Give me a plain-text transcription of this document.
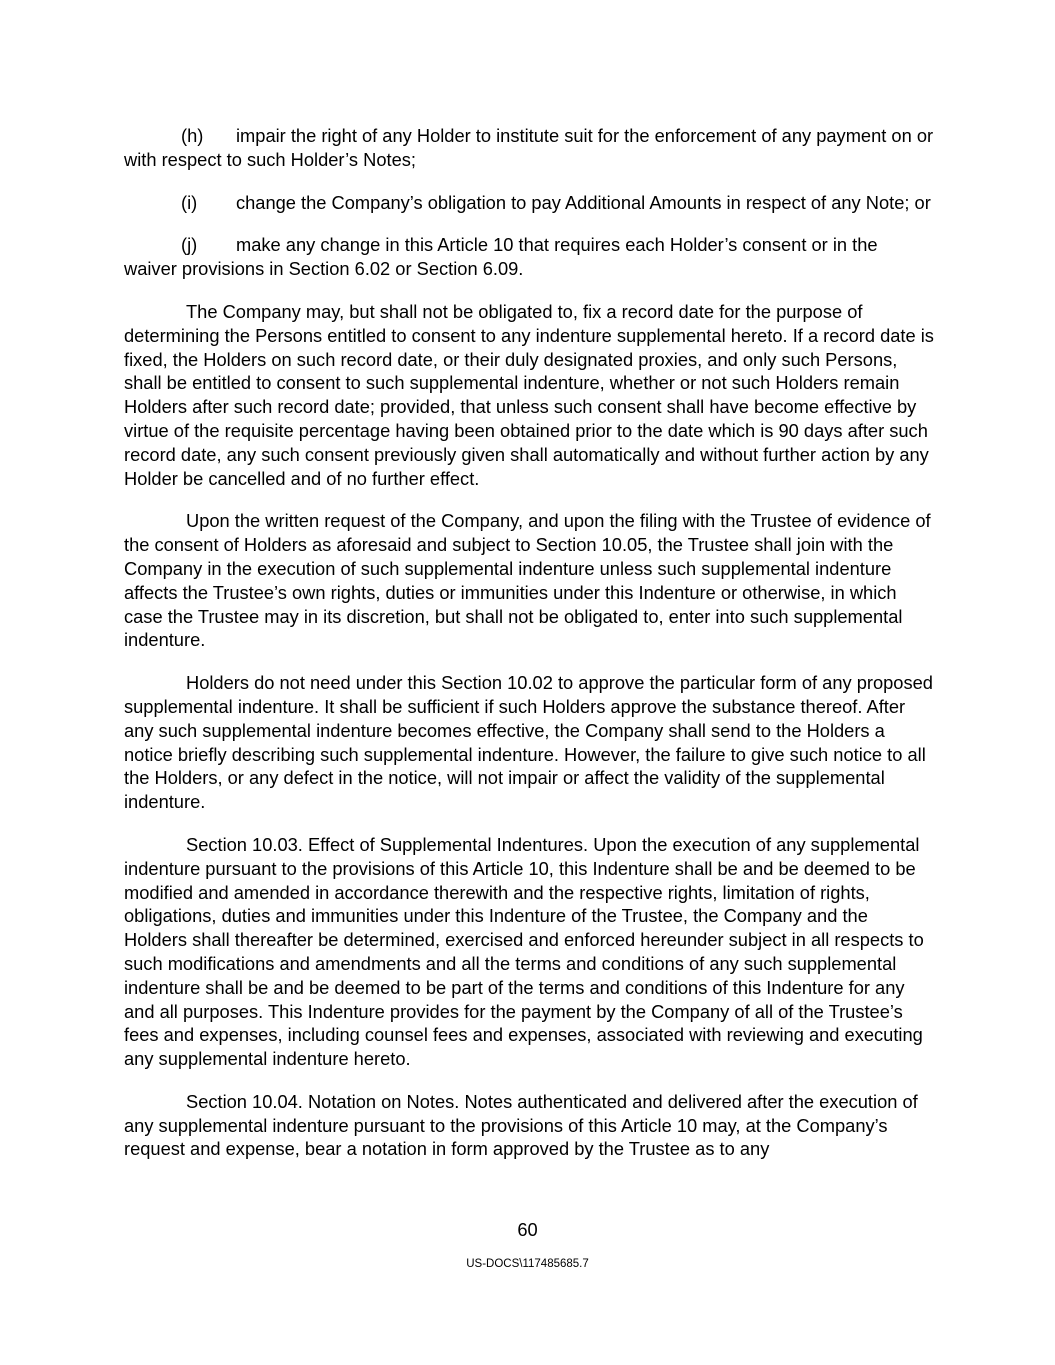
(h) impair the right of any Holder to institute suit for the enforcement of any payment on or with respect to such Holder’s Notes;

(i) change the Company’s obligation to pay Additional Amounts in respect of any Note; or

(j) make any change in this Article 10 that requires each Holder’s consent or in the waiver provisions in Section 6.02 or Section 6.09.

The Company may, but shall not be obligated to, fix a record date for the purpose of determining the Persons entitled to consent to any indenture supplemental hereto. If a record date is fixed, the Holders on such record date, or their duly designated proxies, and only such Persons, shall be entitled to consent to such supplemental indenture, whether or not such Holders remain Holders after such record date; provided, that unless such consent shall have become effective by virtue of the requisite percentage having been obtained prior to the date which is 90 days after such record date, any such consent previously given shall automatically and without further action by any Holder be cancelled and of no further effect.

Upon the written request of the Company, and upon the filing with the Trustee of evidence of the consent of Holders as aforesaid and subject to Section 10.05, the Trustee shall join with the Company in the execution of such supplemental indenture unless such supplemental indenture affects the Trustee’s own rights, duties or immunities under this Indenture or otherwise, in which case the Trustee may in its discretion, but shall not be obligated to, enter into such supplemental indenture.

Holders do not need under this Section 10.02 to approve the particular form of any proposed supplemental indenture. It shall be sufficient if such Holders approve the substance thereof. After any such supplemental indenture becomes effective, the Company shall send to the Holders a notice briefly describing such supplemental indenture. However, the failure to give such notice to all the Holders, or any defect in the notice, will not impair or affect the validity of the supplemental indenture.

Section 10.03. Effect of Supplemental Indentures. Upon the execution of any supplemental indenture pursuant to the provisions of this Article 10, this Indenture shall be and be deemed to be modified and amended in accordance therewith and the respective rights, limitation of rights, obligations, duties and immunities under this Indenture of the Trustee, the Company and the Holders shall thereafter be determined, exercised and enforced hereunder subject in all respects to such modifications and amendments and all the terms and conditions of any such supplemental indenture shall be and be deemed to be part of the terms and conditions of this Indenture for any and all purposes. This Indenture provides for the payment by the Company of all of the Trustee’s fees and expenses, including counsel fees and expenses, associated with reviewing and executing any supplemental indenture hereto.

Section 10.04. Notation on Notes. Notes authenticated and delivered after the execution of any supplemental indenture pursuant to the provisions of this Article 10 may, at the Company’s request and expense, bear a notation in form approved by the Trustee as to any

60
US-DOCS\117485685.7
